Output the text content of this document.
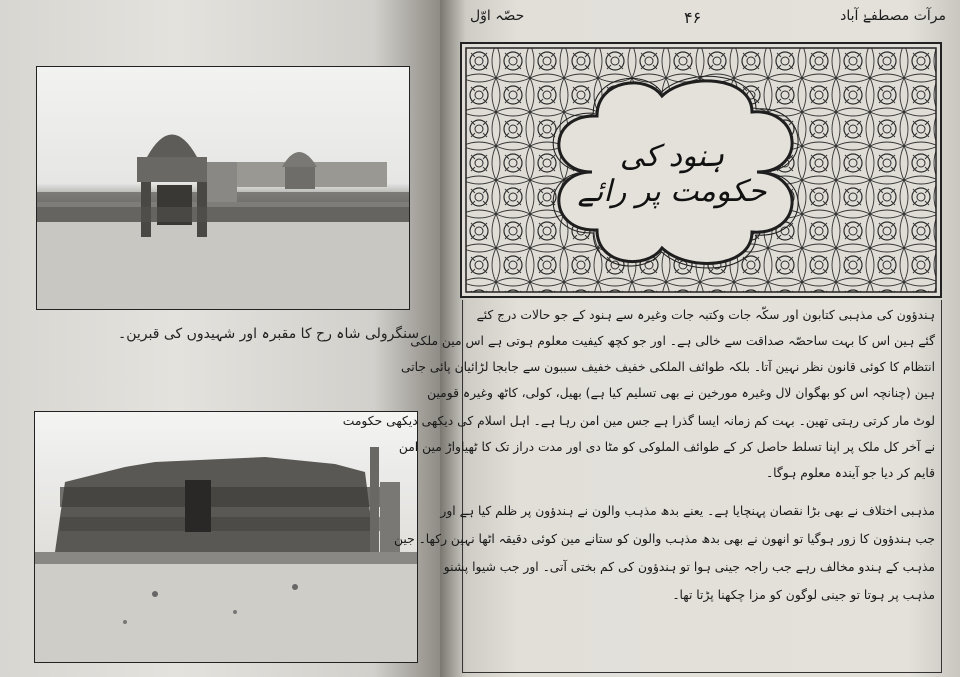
سنگرولی شاہ رح کا مقبرہ اور شہیدوں کی قبرین۔
مرآت مصطفےٰ آباد
۴۶
حصّہ اوّل
ہنود کی حکومت پر رائے
ہندؤون کی مذہبی کتابون اور سکّہ جات وکتبہ جات وغیرہ سے ہنود کے جو حالات درج کئے
گئے ہین اس کا بہت ساحصّہ صداقت سے خالی ہے۔ اور جو کچھ کیفیت معلوم ہوتی ہے اس مین ملکی
انتظام کا کوئی قانون نظر نہین آتا۔ بلکہ طوائف الملکی خفیف خفیف سببون سے جابجا لڑائیان پائی جاتی
ہین (چنانچہ اس کو بھگوان لال وغیرہ مورخین نے بھی تسلیم کیا ہے) بھیل، کولی، کاٹھ وغیرہ قومین
لوٹ مار کرتی رہتی تھین۔ بہت کم زمانہ ایسا گذرا ہے جس مین امن رہا ہے۔ اہل اسلام کی دیکھی دیکھی حکومت
نے آخر کل ملک پر اپنا تسلط حاصل کر کے طوائف الملوکی کو مٹا دی اور مدت دراز تک کا ٹھیاواڑ مین امن
قایم کر دیا جو آیندہ معلوم ہوگا۔
مذہبی اختلاف نے بھی بڑا نقصان پہنچایا ہے۔ یعنے بدھ مذہب والون نے ہندؤون پر ظلم کیا ہے اور
جب ہندؤون کا زور ہوگیا تو انھون نے بھی بدھ مذہب والون کو ستانے مین کوئی دقیقہ اٹھا نہین رکھا۔ جین
مذہب کے ہندو مخالف رہے جب راجہ جینی ہوا تو ہندؤون کی کم بختی آتی۔ اور جب شیوا پشنو
مذہب پر ہوتا تو جینی لوگون کو مزا چکھنا پڑتا تھا۔
